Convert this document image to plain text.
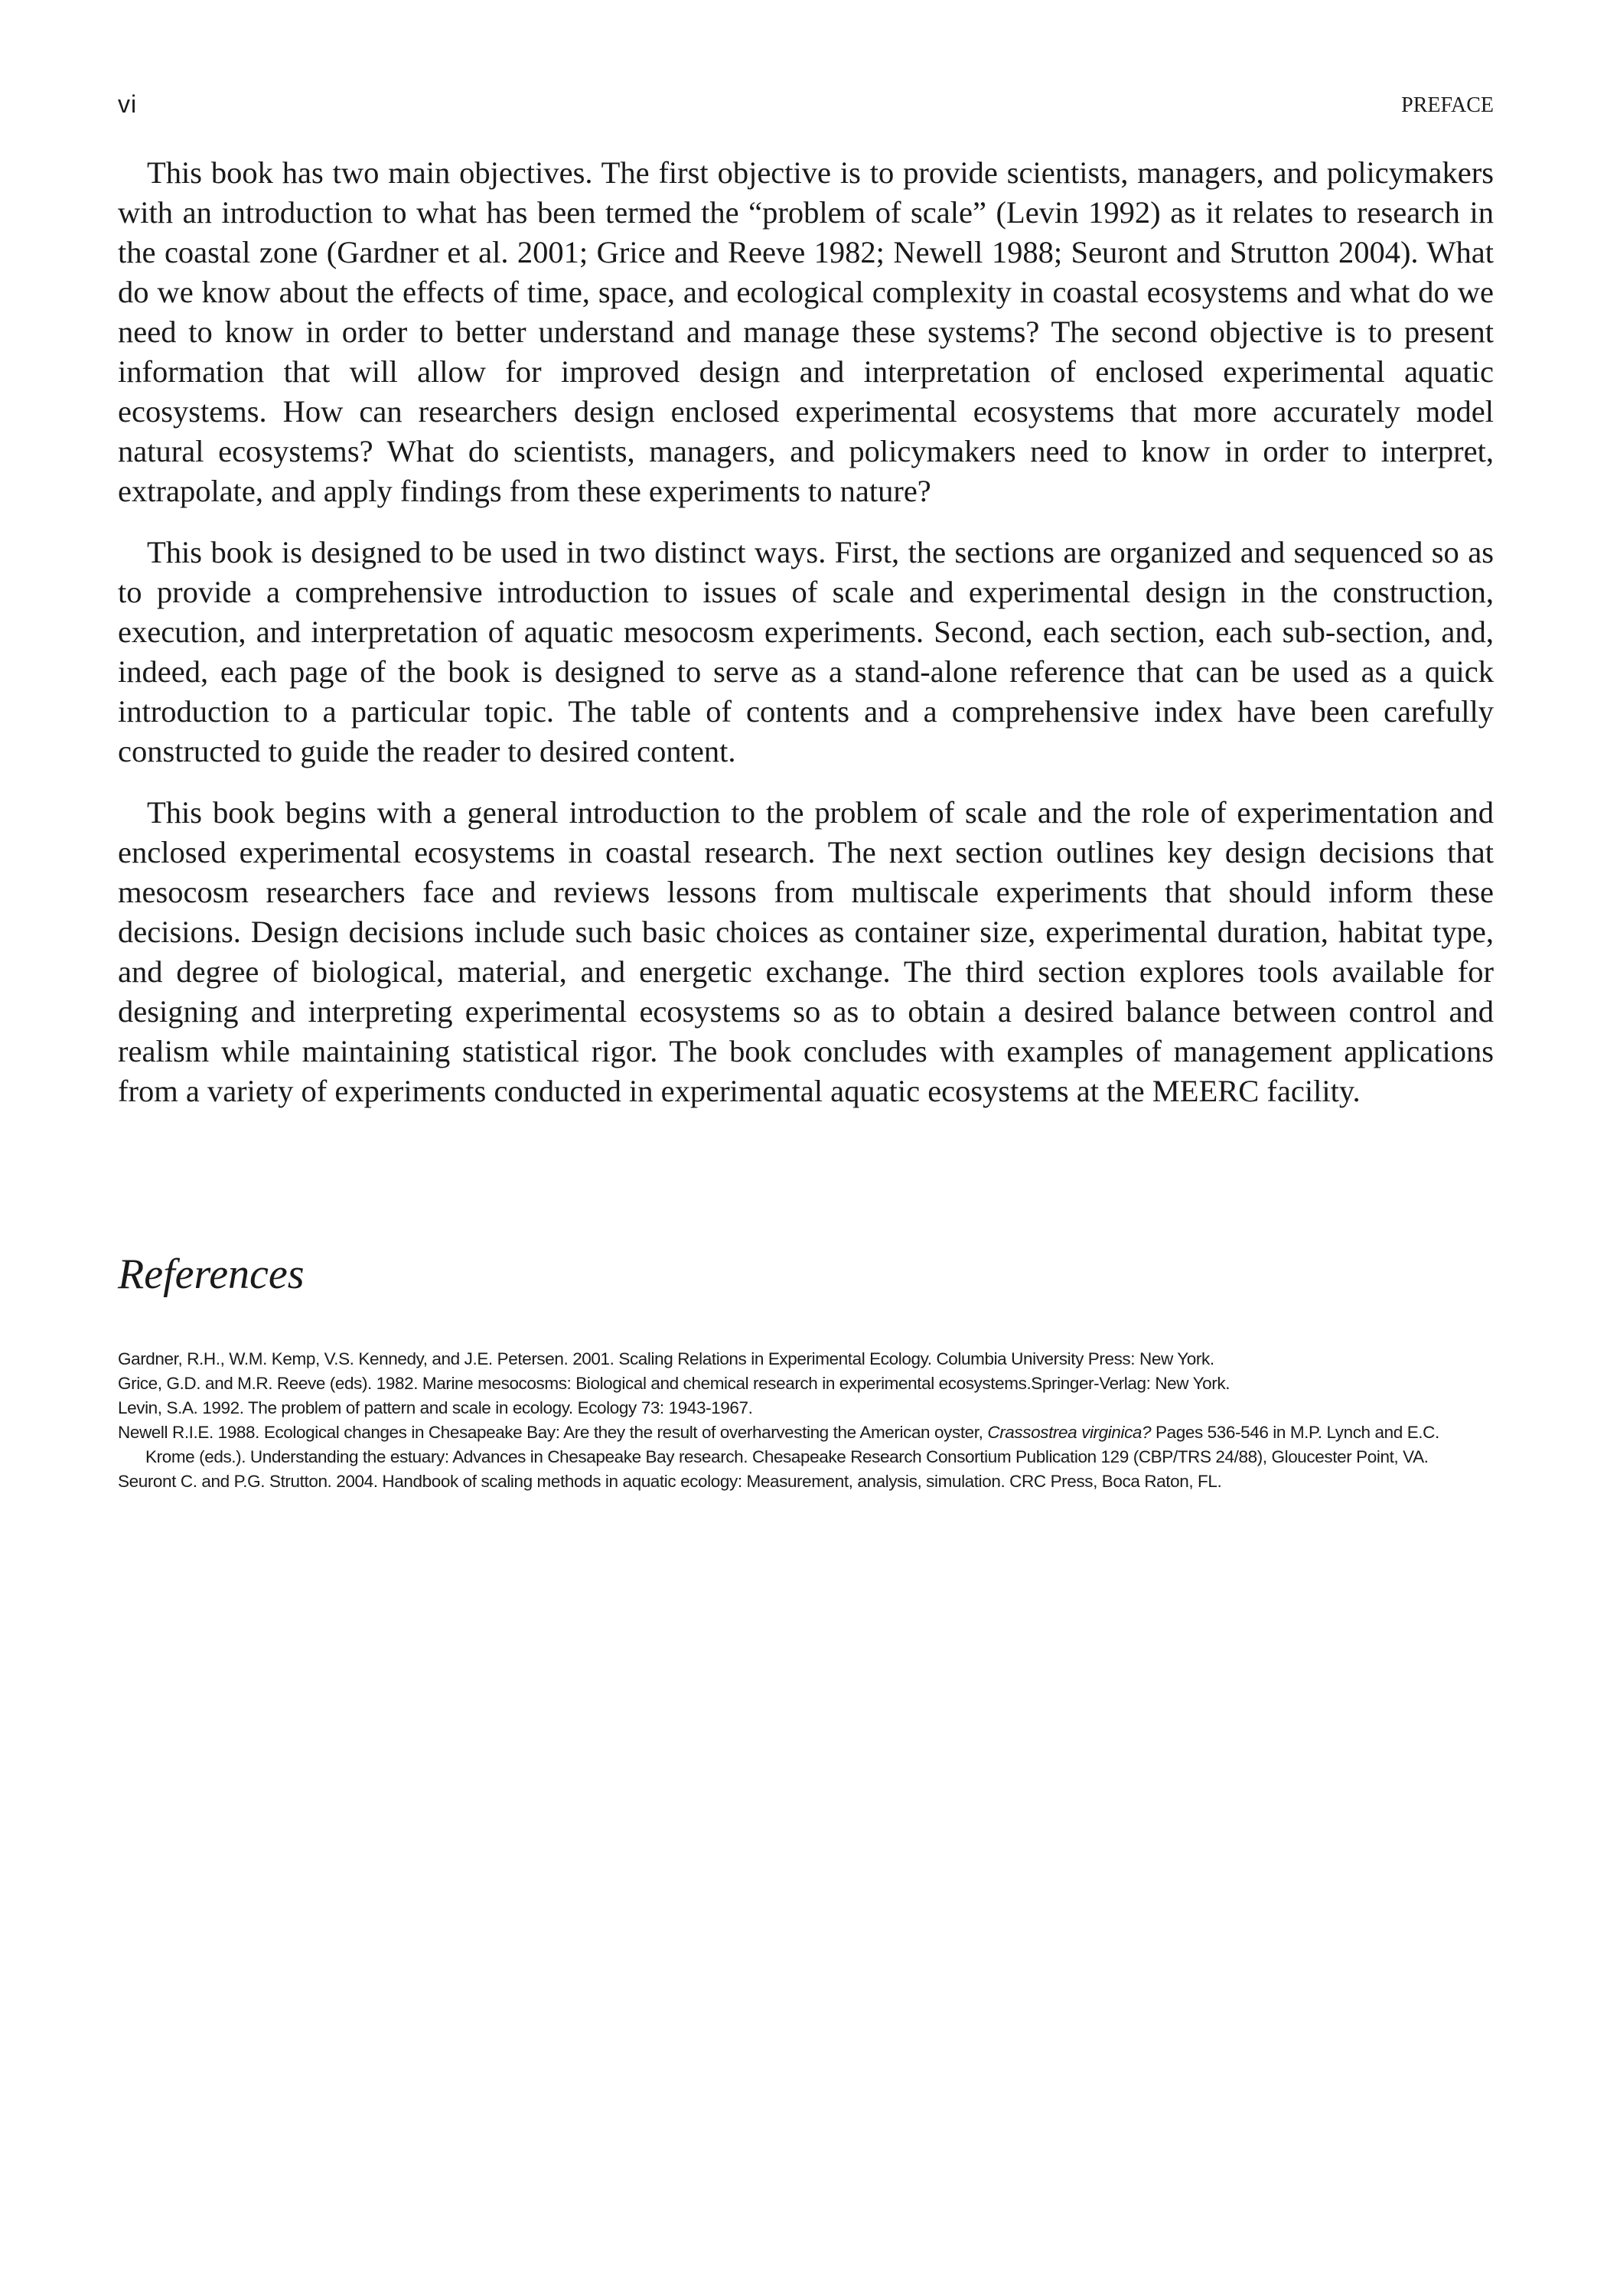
vi	PREFACE

This book has two main objectives. The first objective is to provide scientists, managers, and policymakers with an introduction to what has been termed the “problem of scale” (Levin 1992) as it relates to research in the coastal zone (Gardner et al. 2001; Grice and Reeve 1982; Newell 1988; Seuront and Strutton 2004). What do we know about the effects of time, space, and ecological complexity in coastal ecosystems and what do we need to know in order to better understand and manage these systems? The second objective is to present information that will allow for improved design and interpretation of enclosed experimental aquatic ecosystems. How can researchers design enclosed experimental ecosystems that more accurately model natural ecosystems? What do scientists, managers, and policymakers need to know in order to interpret, extrapolate, and apply findings from these experiments to nature?

This book is designed to be used in two distinct ways. First, the sections are organized and sequenced so as to provide a comprehensive introduction to issues of scale and experimental design in the construction, execution, and interpretation of aquatic mesocosm experiments. Second, each section, each sub-section, and, indeed, each page of the book is designed to serve as a stand-alone reference that can be used as a quick introduction to a particular topic. The table of contents and a comprehensive index have been carefully constructed to guide the reader to desired content.

This book begins with a general introduction to the problem of scale and the role of experimentation and enclosed experimental ecosystems in coastal research. The next section outlines key design decisions that mesocosm researchers face and reviews lessons from multiscale experiments that should inform these decisions. Design decisions include such basic choices as container size, experimental duration, habitat type, and degree of biological, material, and energetic exchange. The third section explores tools available for designing and interpreting experimental ecosystems so as to obtain a desired balance between control and realism while maintaining statistical rigor. The book concludes with examples of management applications from a variety of experiments conducted in experimental aquatic ecosystems at the MEERC facility.

References
Gardner, R.H., W.M. Kemp, V.S. Kennedy, and J.E. Petersen. 2001. Scaling Relations in Experimental Ecology. Columbia University Press: New York.
Grice, G.D. and M.R. Reeve (eds). 1982. Marine mesocosms: Biological and chemical research in experimental ecosystems.Springer-Verlag: New York.
Levin, S.A. 1992. The problem of pattern and scale in ecology. Ecology 73: 1943-1967.
Newell R.I.E. 1988. Ecological changes in Chesapeake Bay: Are they the result of overharvesting the American oyster, Crassostrea virginica? Pages 536-546 in M.P. Lynch and E.C. Krome (eds.). Understanding the estuary: Advances in Chesapeake Bay research. Chesapeake Research Consortium Publication 129 (CBP/TRS 24/88), Gloucester Point, VA.
Seuront C. and P.G. Strutton. 2004. Handbook of scaling methods in aquatic ecology: Measurement, analysis, simulation. CRC Press, Boca Raton, FL.
